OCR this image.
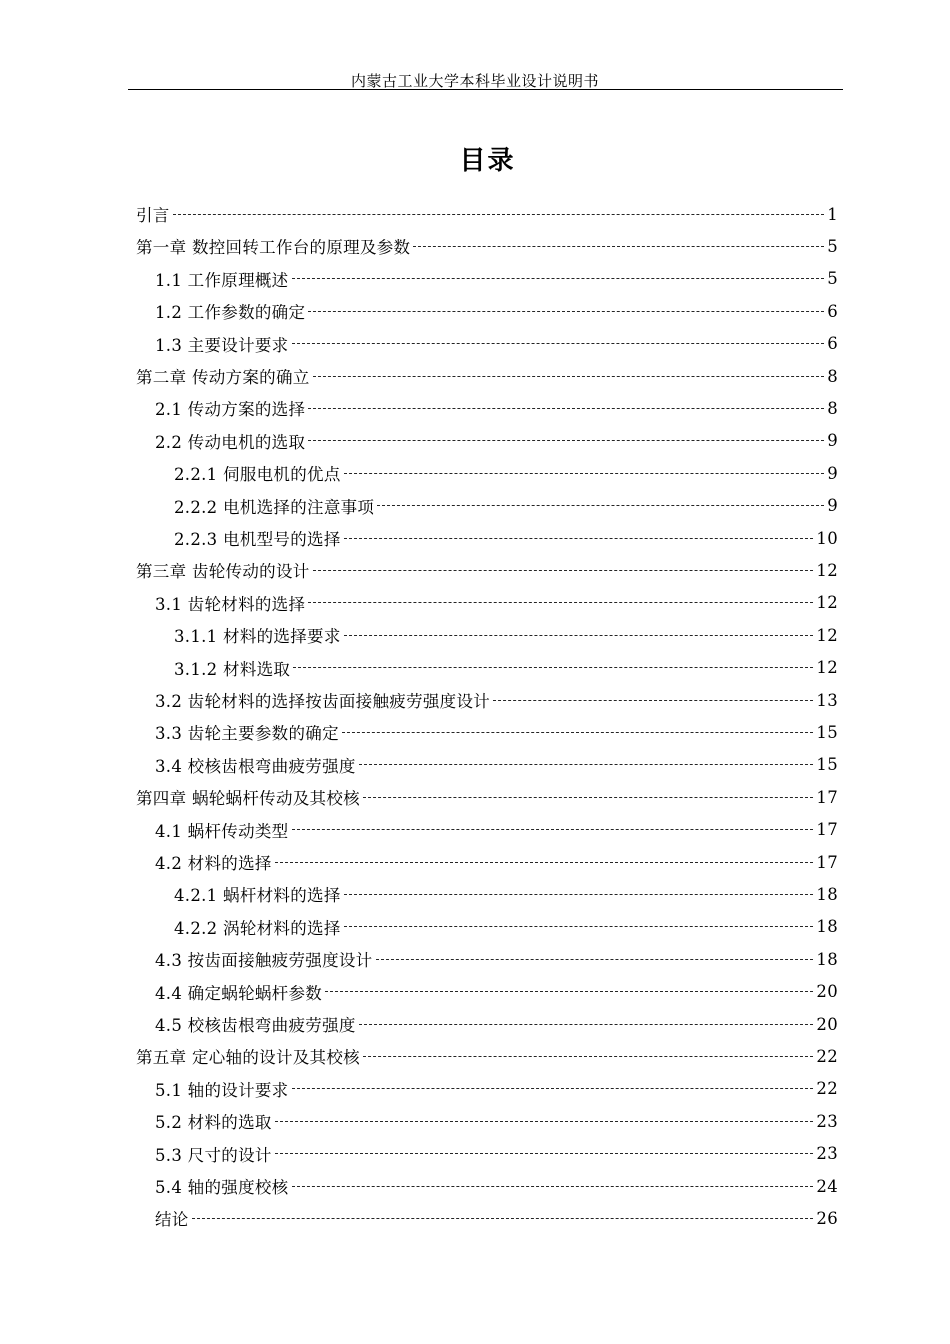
内蒙古工业大学本科毕业设计说明书
目录
引言	1
第一章 数控回转工作台的原理及参数	5
1.1 工作原理概述	5
1.2 工作参数的确定	6
1.3 主要设计要求	6
第二章 传动方案的确立	8
2.1 传动方案的选择	8
2.2 传动电机的选取	9
2.2.1 伺服电机的优点	9
2.2.2 电机选择的注意事项	9
2.2.3 电机型号的选择	10
第三章 齿轮传动的设计	12
3.1 齿轮材料的选择	12
3.1.1 材料的选择要求	12
3.1.2 材料选取	12
3.2 齿轮材料的选择按齿面接触疲劳强度设计	13
3.3 齿轮主要参数的确定	15
3.4 校核齿根弯曲疲劳强度	15
第四章 蜗轮蜗杆传动及其校核	17
4.1 蜗杆传动类型	17
4.2 材料的选择	17
4.2.1 蜗杆材料的选择	18
4.2.2 涡轮材料的选择	18
4.3 按齿面接触疲劳强度设计	18
4.4 确定蜗轮蜗杆参数	20
4.5 校核齿根弯曲疲劳强度	20
第五章 定心轴的设计及其校核	22
5.1 轴的设计要求	22
5.2 材料的选取	23
5.3 尺寸的设计	23
5.4 轴的强度校核	24
结论	26
